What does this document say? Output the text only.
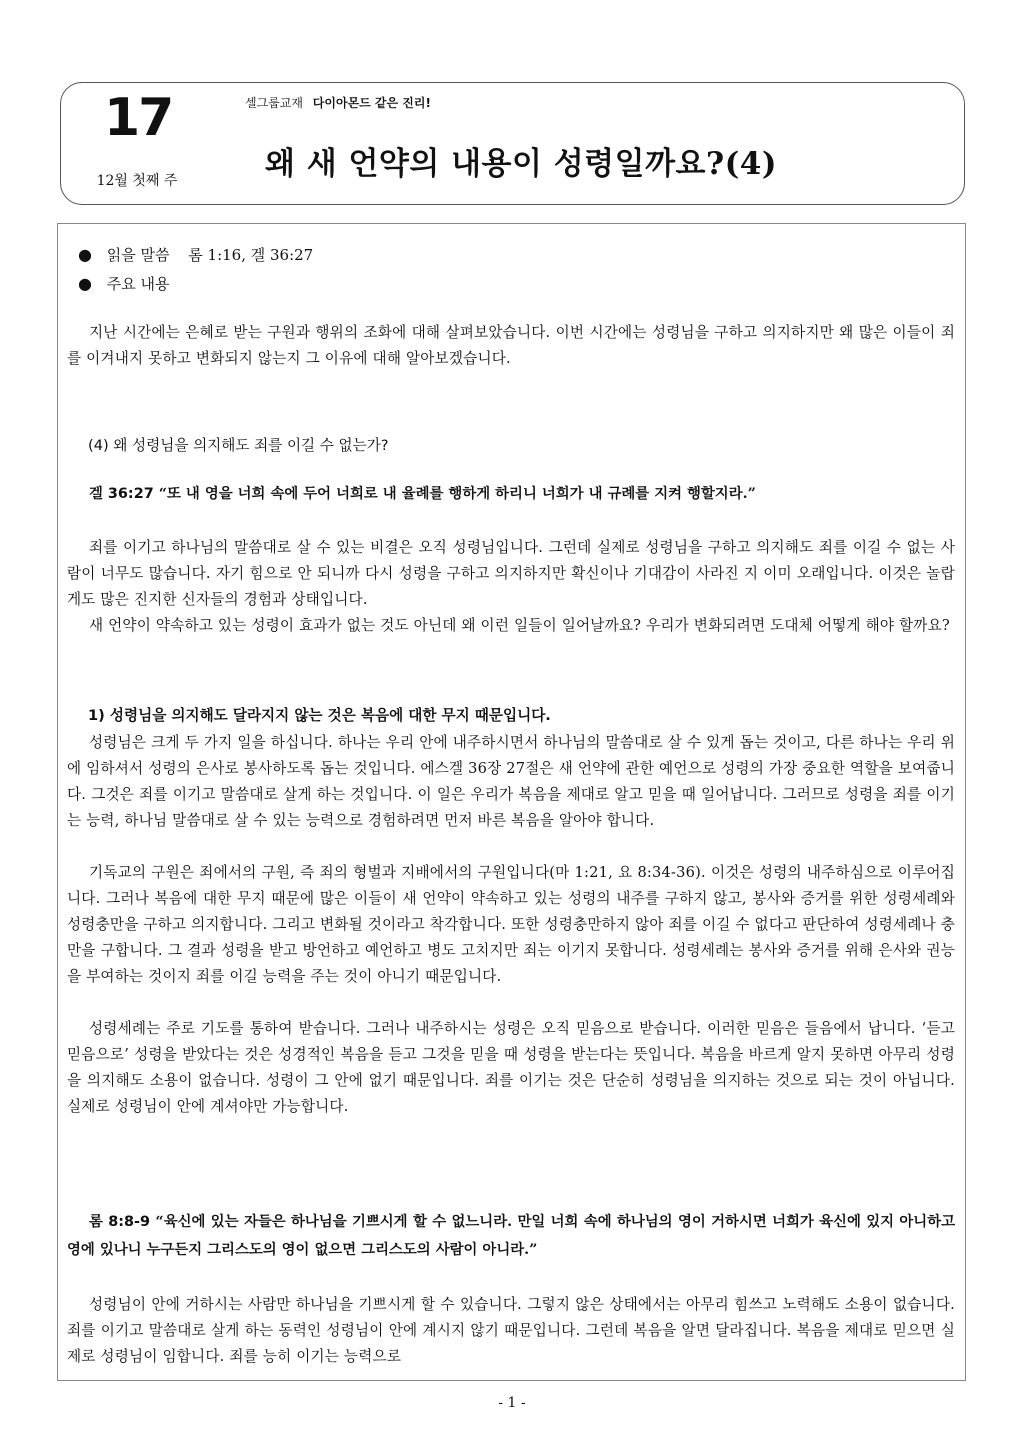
17
12월 첫째 주
셀그룹교재 다이아몬드 같은 진리!
왜 새 언약의 내용이 성령일까요?(4)
● 읽을 말씀 롬 1:16, 겔 36:27
● 주요 내용

지난 시간에는 은혜로 받는 구원과 행위의 조화에 대해 살펴보았습니다. 이번 시간에는 성령님을 구하고 의지하지만 왜 많은 이들이 죄를 이겨내지 못하고 변화되지 않는지 그 이유에 대해 알아보겠습니다.

(4) 왜 성령님을 의지해도 죄를 이길 수 없는가?

겔 36:27 “또 내 영을 너희 속에 두어 너희로 내 율례를 행하게 하리니 너희가 내 규례를 지켜 행할지라.”

죄를 이기고 하나님의 말씀대로 살 수 있는 비결은 오직 성령님입니다. 그런데 실제로 성령님을 구하고 의지해도 죄를 이길 수 없는 사람이 너무도 많습니다. 자기 힘으로 안 되니까 다시 성령을 구하고 의지하지만 확신이나 기대감이 사라진 지 이미 오래입니다. 이것은 놀랍게도 많은 진지한 신자들의 경험과 상태입니다.

새 언약이 약속하고 있는 성령이 효과가 없는 것도 아닌데 왜 이런 일들이 일어날까요? 우리가 변화되려면 도대체 어떻게 해야 할까요?

1) 성령님을 의지해도 달라지지 않는 것은 복음에 대한 무지 때문입니다.

성령님은 크게 두 가지 일을 하십니다. 하나는 우리 안에 내주하시면서 하나님의 말씀대로 살 수 있게 돕는 것이고, 다른 하나는 우리 위에 임하셔서 성령의 은사로 봉사하도록 돕는 것입니다. 에스겔 36장 27절은 새 언약에 관한 예언으로 성령의 가장 중요한 역할을 보여줍니다. 그것은 죄를 이기고 말씀대로 살게 하는 것입니다. 이 일은 우리가 복음을 제대로 알고 믿을 때 일어납니다. 그러므로 성령을 죄를 이기는 능력, 하나님 말씀대로 살 수 있는 능력으로 경험하려면 먼저 바른 복음을 알아야 합니다.

기독교의 구원은 죄에서의 구원, 즉 죄의 형벌과 지배에서의 구원입니다(마 1:21, 요 8:34-36). 이것은 성령의 내주하심으로 이루어집니다. 그러나 복음에 대한 무지 때문에 많은 이들이 새 언약이 약속하고 있는 성령의 내주를 구하지 않고, 봉사와 증거를 위한 성령세례와 성령충만을 구하고 의지합니다. 그리고 변화될 것이라고 착각합니다. 또한 성령충만하지 않아 죄를 이길 수 없다고 판단하여 성령세례나 충만을 구합니다. 그 결과 성령을 받고 방언하고 예언하고 병도 고치지만 죄는 이기지 못합니다. 성령세례는 봉사와 증거를 위해 은사와 권능을 부여하는 것이지 죄를 이길 능력을 주는 것이 아니기 때문입니다.

성령세례는 주로 기도를 통하여 받습니다. 그러나 내주하시는 성령은 오직 믿음으로 받습니다. 이러한 믿음은 들음에서 납니다. ‘듣고 믿음으로’ 성령을 받았다는 것은 성경적인 복음을 듣고 그것을 믿을 때 성령을 받는다는 뜻입니다. 복음을 바르게 알지 못하면 아무리 성령을 의지해도 소용이 없습니다. 성령이 그 안에 없기 때문입니다. 죄를 이기는 것은 단순히 성령님을 의지하는 것으로 되는 것이 아닙니다. 실제로 성령님이 안에 계셔야만 가능합니다.

롬 8:8-9 “육신에 있는 자들은 하나님을 기쁘시게 할 수 없느니라. 만일 너희 속에 하나님의 영이 거하시면 너희가 육신에 있지 아니하고 영에 있나니 누구든지 그리스도의 영이 없으면 그리스도의 사람이 아니라.”

성령님이 안에 거하시는 사람만 하나님을 기쁘시게 할 수 있습니다. 그렇지 않은 상태에서는 아무리 힘쓰고 노력해도 소용이 없습니다. 죄를 이기고 말씀대로 살게 하는 동력인 성령님이 안에 계시지 않기 때문입니다. 그런데 복음을 알면 달라집니다. 복음을 제대로 믿으면 실제로 성령님이 임합니다. 죄를 능히 이기는 능력으로

- 1 -
